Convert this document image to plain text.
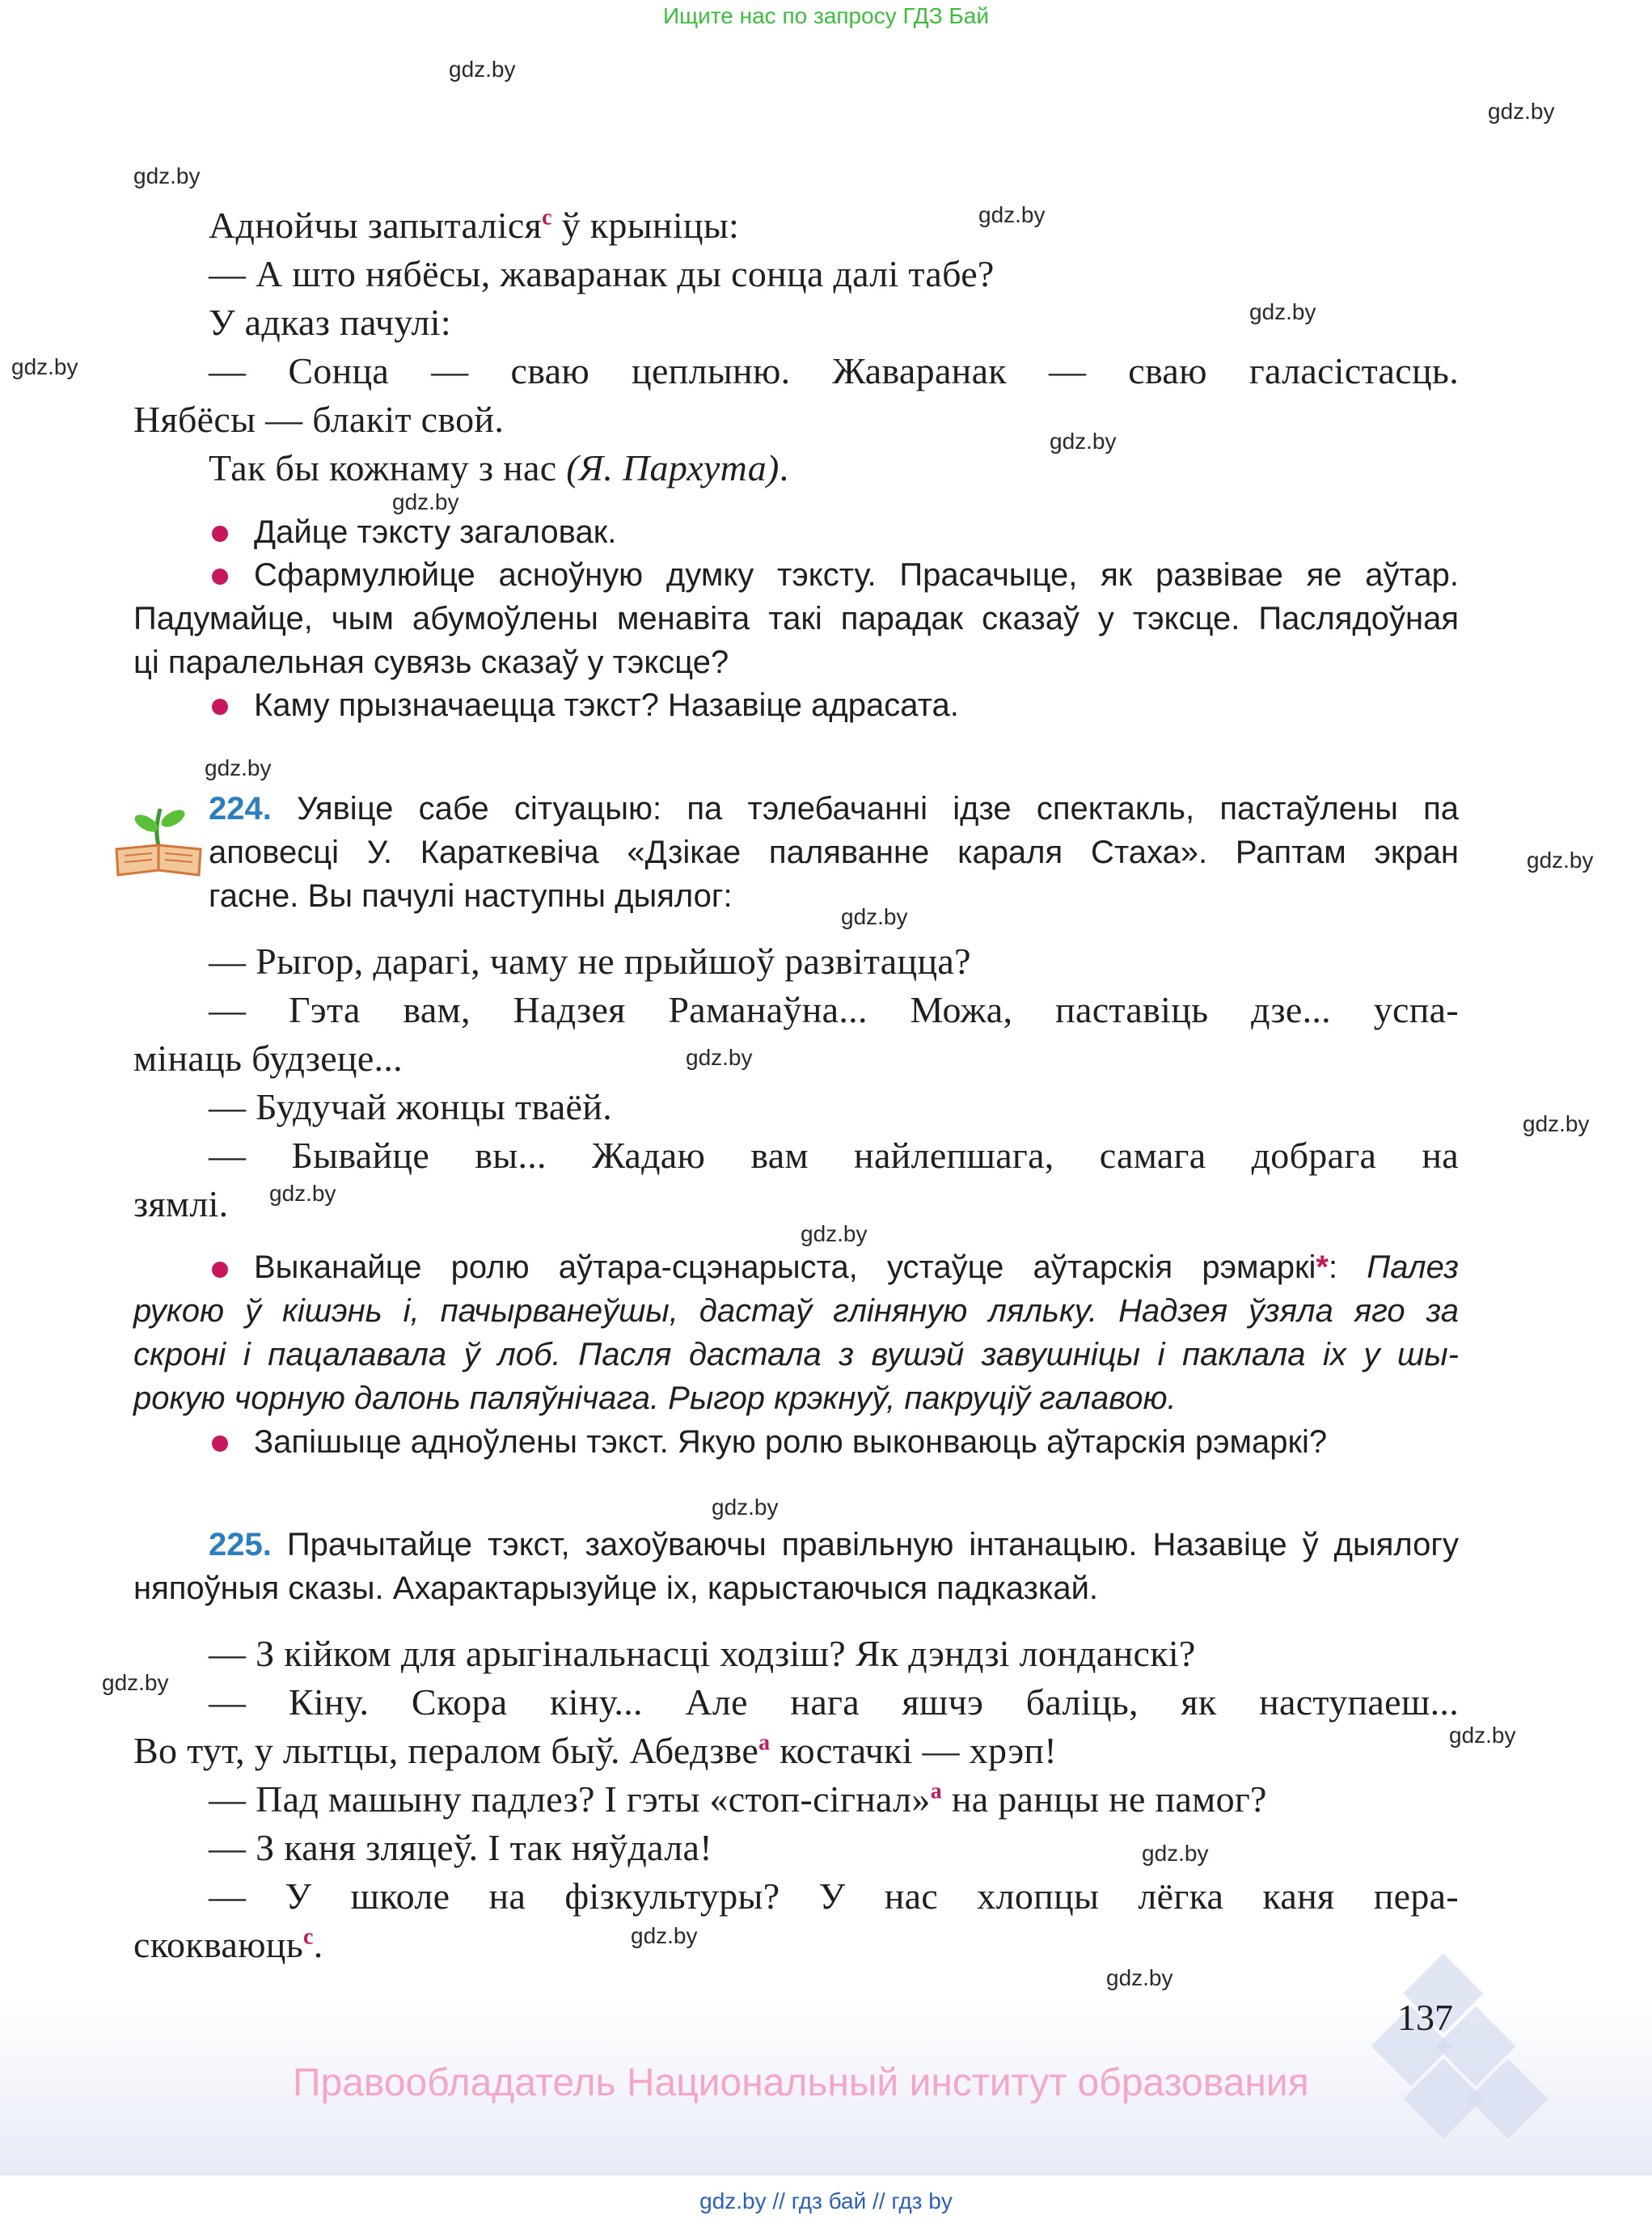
Ищите нас по запросу ГДЗ Бай
gdz.by
gdz.by
gdz.by
gdz.by
gdz.by
gdz.by
gdz.by
gdz.by
gdz.by
gdz.by
gdz.by
gdz.by
gdz.by
gdz.by
gdz.by
gdz.by
gdz.by
gdz.by
gdz.by
gdz.by
gdz.by
Аднойчы запыталіся$^с$ ў крыніцы:
— А што нябёсы, жаваранак ды сонца далі табе?
У адказ пачулі:
— Сонца — сваю цеплыню. Жаваранак — сваю галасістасць.
Нябёсы — блакіт свой.
Так бы кожнаму з нас (Я. Пархута).
Дайце тэксту загаловак.
Сфармулюйце асноўную думку тэксту. Прасачыце, як развівае яе аўтар.
Падумайце, чым абумоўлены менавіта такі парадак сказаў у тэксце. Паслядоўная
ці паралельная сувязь сказаў у тэксце?
Каму прызначаецца тэкст? Назавіце адрасата.
224. Уявіце сабе сітуацыю: па тэлебачанні ідзе спектакль, пастаўлены па
аповесці У. Караткевіча «Дзікае паляванне караля Стаха». Раптам экран
гасне. Вы пачулі наступны дыялог:
— Рыгор, дарагі, чаму не прыйшоў развітацца?
— Гэта вам, Надзея Раманаўна... Можа, паставіць дзе... успа-
мінаць будзеце...
— Будучай жонцы тваёй.
— Бывайце вы... Жадаю вам найлепшага, самага добрага на
зямлі.
Выканайце ролю аўтара-сцэнарыста, устаўце аўтарскія рэмаркі*: Палез
рукою ў кішэнь і, пачырванеўшы, дастаў гліняную ляльку. Надзея ўзяла яго за
скроні і пацалавала ў лоб. Пасля дастала з вушэй завушніцы і паклала іх у шы-
рокую чорную далонь паляўнічага. Рыгор крэкнуў, пакруціў галавою.
Запішыце адноўлены тэкст. Якую ролю выконваюць аўтарскія рэмаркі?
225. Прачытайце тэкст, захоўваючы правільную інтанацыю. Назавіце ў дыялогу
няпоўныя сказы. Ахарактарызуйце іх, карыстаючыся падказкай.
— З кійком для арыгінальнасці ходзіш? Як дэндзі лонданскі?
— Кіну. Скора кіну... Але нага яшчэ баліць, як наступаеш...
Во тут, у лытцы, пералом быў. Абедзве$^а$ костачкі — хрэп!
— Пад машыну падлез? І гэты «стоп-сігнал»$^а$ на ранцы не памог?
— З каня зляцеў. І так няўдала!
— У школе на фізкультуры? У нас хлопцы лёгка каня пера-
скокваюць$^с$.
137
Правообладатель Национальный институт образования
gdz.by // гдз бай // гдз by
